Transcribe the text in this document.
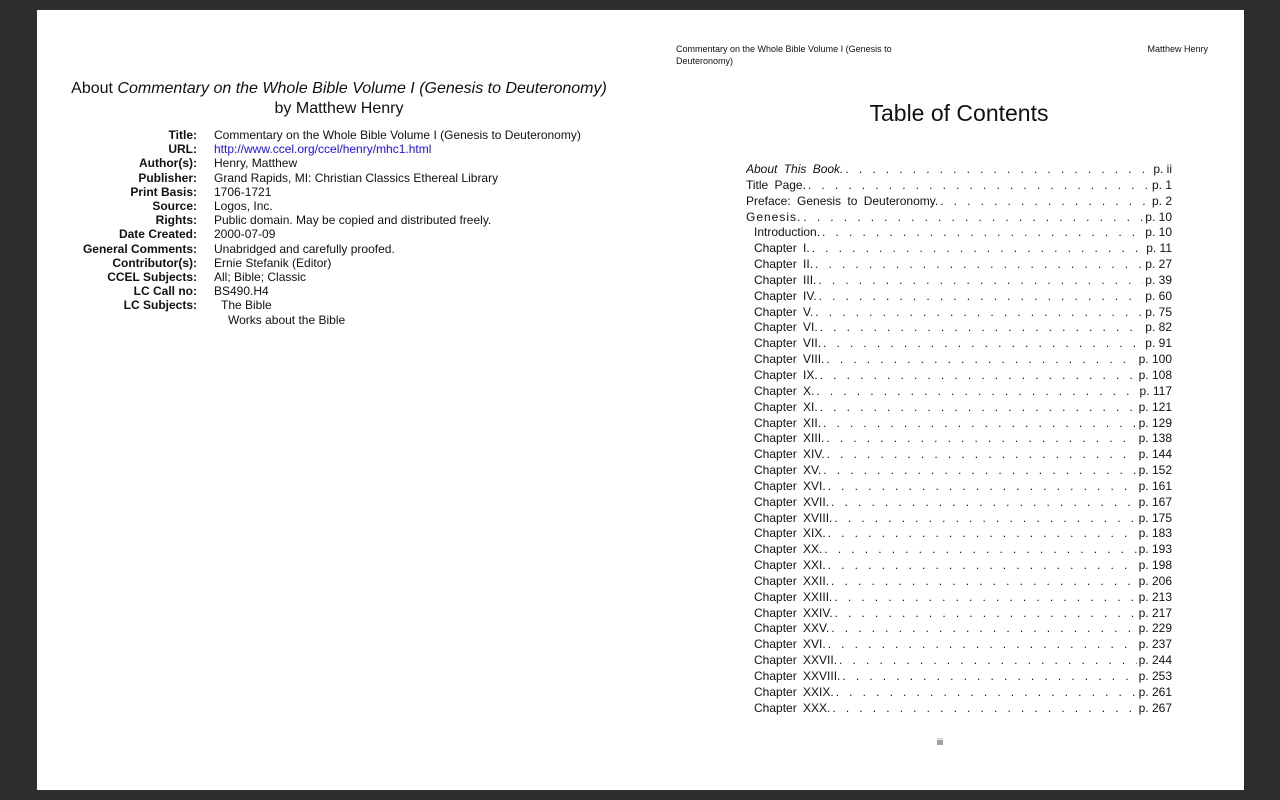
About Commentary on the Whole Bible Volume I (Genesis to Deuteronomy)
by Matthew Henry
Title: Commentary on the Whole Bible Volume I (Genesis to Deuteronomy)
URL: http://www.ccel.org/ccel/henry/mhc1.html
Author(s): Henry, Matthew
Publisher: Grand Rapids, MI: Christian Classics Ethereal Library
Print Basis: 1706-1721
Source: Logos, Inc.
Rights: Public domain. May be copied and distributed freely.
Date Created: 2000-07-09
General Comments: Unabridged and carefully proofed.
Contributor(s): Ernie Stefanik (Editor)
CCEL Subjects: All; Bible; Classic
LC Call no: BS490.H4
LC Subjects:	The Bible
Works about the Bible
Commentary on the Whole Bible Volume I (Genesis to Deuteronomy)
Matthew Henry
Table of Contents
About This Book. . . .	p. ii
Title Page. . . .	p. 1
Preface: Genesis to Deuteronomy. . . .	p. 2
Genesis. . . .	p. 10
Introduction. . . .	p. 10
Chapter I. . . .	p. 11
Chapter II. . . .	p. 27
Chapter III. . . .	p. 39
Chapter IV. . . .	p. 60
Chapter V. . . .	p. 75
Chapter VI. . . .	p. 82
Chapter VII. . . .	p. 91
Chapter VIII. . . .	p. 100
Chapter IX. . . .	p. 108
Chapter X. . . .	p. 117
Chapter XI. . . .	p. 121
Chapter XII. . . .	p. 129
Chapter XIII. . . .	p. 138
Chapter XIV. . . .	p. 144
Chapter XV. . . .	p. 152
Chapter XVI. . . .	p. 161
Chapter XVII. . . .	p. 167
Chapter XVIII. . . .	p. 175
Chapter XIX. . . .	p. 183
Chapter XX. . . .	p. 193
Chapter XXI. . . .	p. 198
Chapter XXII. . . .	p. 206
Chapter XXIII. . . .	p. 213
Chapter XXIV. . . .	p. 217
Chapter XXV. . . .	p. 229
Chapter XVI. . . .	p. 237
Chapter XXVII. . . .	p. 244
Chapter XXVIII. . . .	p. 253
Chapter XXIX. . . .	p. 261
Chapter XXX. . . .	p. 267
iii
